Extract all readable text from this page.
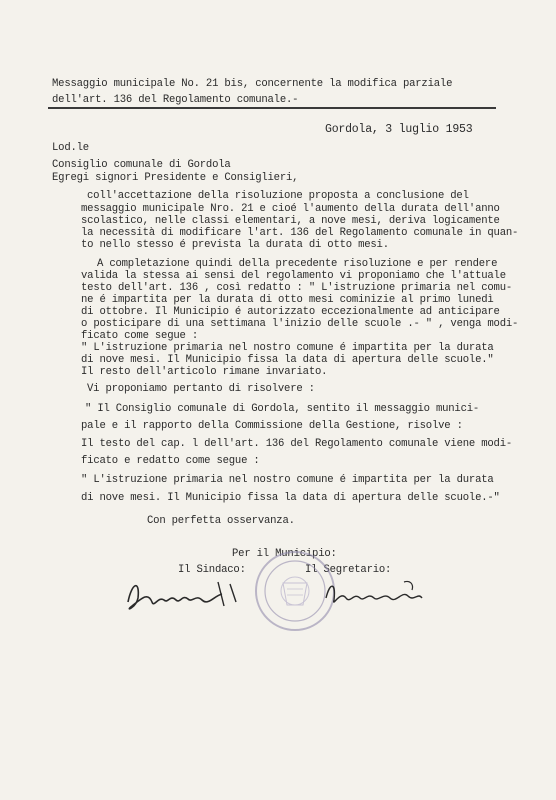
Messaggio municipale No. 21 bis, concernente la modifica parziale
dell'art. 136 del Regolamento comunale.-
Gordola, 3 luglio 1953
Lod.le
Consiglio comunale di Gordola
Egregi signori Presidente e Consiglieri,
coll'accettazione della risoluzione proposta a conclusione del
messaggio municipale Nro. 21 e cioé l'aumento della durata dell'anno
scolastico, nelle classi elementari, a nove mesi, deriva logicamente
la necessità di modificare l'art. 136 del Regolamento comunale in quan-
to nello stesso é prevista la durata di otto mesi.
A completazione quindi della precedente risoluzione e per rendere
valida la stessa ai sensi del regolamento vi proponiamo che l'attuale
testo dell'art. 136 , così redatto : " L'istruzione primaria nel comu-
ne é impartita per la durata di otto mesi cominizie al primo lunedì
di ottobre. Il Municipio é autorizzato eccezionalmente ad anticipare
o posticipare di una settimana l'inizio delle scuole .- " , venga modi-
ficato come segue :
" L'istruzione primaria nel nostro comune é impartita per la durata
di nove mesi. Il Municipio fissa la data di apertura delle scuole."
Il resto dell'articolo rimane invariato.
Vi proponiamo pertanto di risolvere :
" Il Consiglio comunale di Gordola, sentito il messaggio munici-
pale e il rapporto della Commissione della Gestione, risolve :
Il testo del cap. l dell'art. 136 del Regolamento comunale viene modi-
ficato e redatto come segue :
" L'istruzione primaria nel nostro comune é impartita per la durata
di nove mesi. Il Municipio fissa la data di apertura delle scuole.-"
Con perfetta osservanza.
Per il Municipio:
Il Sindaco:	Il Segretario:
